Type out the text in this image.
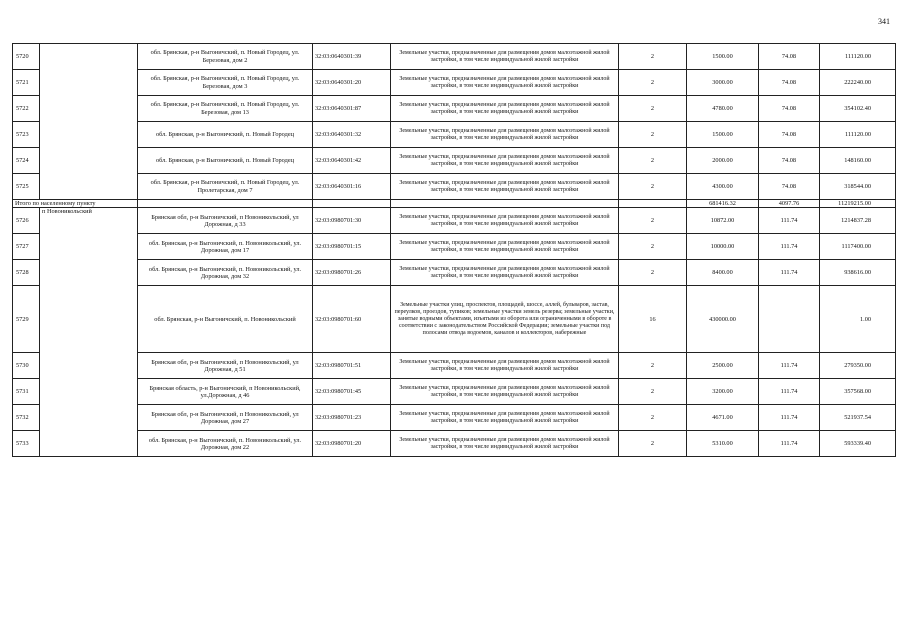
341
5720		обл. Брянская, р-н Выгоничский, п. Новый Городец, ул. Березовая, дом 2	32:03:0640301:39	Земельные участки, предназначенные для размещения домов малоэтажной жилой застройки, в том числе индивидуальной жилой застройки	2	1500.00	74.08	111120.00
5721		обл. Брянская, р-н Выгоничский, п. Новый Городец, ул. Березовая, дом 3	32:03:0640301:20	Земельные участки, предназначенные для размещения домов малоэтажной жилой застройки, в том числе индивидуальной жилой застройки	2	3000.00	74.08	222240.00
5722		обл. Брянская, р-н Выгоничский, п. Новый Городец, ул. Березовая, дом 13	32:03:0640301:87	Земельные участки, предназначенные для размещения домов малоэтажной жилой застройки, в том числе индивидуальной жилой застройки	2	4780.00	74.08	354102.40
5723		обл. Брянская, р-н Выгоничский, п. Новый Городец	32:03:0640301:32	Земельные участки, предназначенные для размещения домов малоэтажной жилой застройки, в том числе индивидуальной жилой застройки	2	1500.00	74.08	111120.00
5724		обл. Брянская, р-н Выгоничский, п. Новый Городец	32:03:0640301:42	Земельные участки, предназначенные для размещения домов малоэтажной жилой застройки, в том числе индивидуальной жилой застройки	2	2000.00	74.08	148160.00
5725		обл. Брянская, р-н Выгоничский, п. Новый Городец, ул. Пролетарская, дом 7	32:03:0640301:16	Земельные участки, предназначенные для размещения домов малоэтажной жилой застройки, в том числе индивидуальной жилой застройки	2	4300.00	74.08	318544.00
Итого по населенному пункту						681416.32	4097.76	11219215.00
5726	п Новоникольский	Брянская обл, р-н Выгоничский, п Новоникольский, ул Дорожная, д 33	32:03:0980701:30	Земельные участки, предназначенные для размещения домов малоэтажной жилой застройки, в том числе индивидуальной жилой застройки	2	10872.00	111.74	1214837.28
5727		обл. Брянская, р-н Выгоничский, п. Новоникольский, ул. Дорожная, дом 17	32:03:0980701:15	Земельные участки, предназначенные для размещения домов малоэтажной жилой застройки, в том числе индивидуальной жилой застройки	2	10000.00	111.74	1117400.00
5728		обл. Брянская, р-н Выгоничский, п. Новоникольский, ул. Дорожная, дом 32	32:03:0980701:26	Земельные участки, предназначенные для размещения домов малоэтажной жилой застройки, в том числе индивидуальной жилой застройки	2	8400.00	111.74	938616.00
5729		обл. Брянская, р-н Выгоничский, п. Новоникольский	32:03:0980701:60	Земельные участки улиц, проспектов, площадей, шоссе, аллей, бульваров, застав, переулков, проездов, тупиков; земельные участки земель резерва; земельные участки, занятые водными объектами, изъятыми из оборота или ограниченными в обороте в соответствии с законодательством Российской Федерации; земельные участки под полосами отвода водоемов, каналов и коллекторов, набережные	16	430000.00		1.00
5730		Брянская обл, р-н Выгоничский, п Новоникольский, ул Дорожная, д 51	32:03:0980701:51	Земельные участки, предназначенные для размещения домов малоэтажной жилой застройки, в том числе индивидуальной жилой застройки	2	2500.00	111.74	279350.00
5731		Брянская область, р-н Выгоничский, п Новоникольский, ул.Дорожная, д 46	32:03:0980701:45	Земельные участки, предназначенные для размещения домов малоэтажной жилой застройки, в том числе индивидуальной жилой застройки	2	3200.00	111.74	357568.00
5732		Брянская обл, р-н Выгоничский, п Новоникольский, ул Дорожная, дом 27	32:03:0980701:23	Земельные участки, предназначенные для размещения домов малоэтажной жилой застройки, в том числе индивидуальной жилой застройки	2	4671.00	111.74	521937.54
5733		обл. Брянская, р-н Выгоничский, п. Новоникольский, ул. Дорожная, дом 22	32:03:0980701:20	Земельные участки, предназначенные для размещения домов малоэтажной жилой застройки, в том числе индивидуальной жилой застройки	2	5310.00	111.74	593339.40
